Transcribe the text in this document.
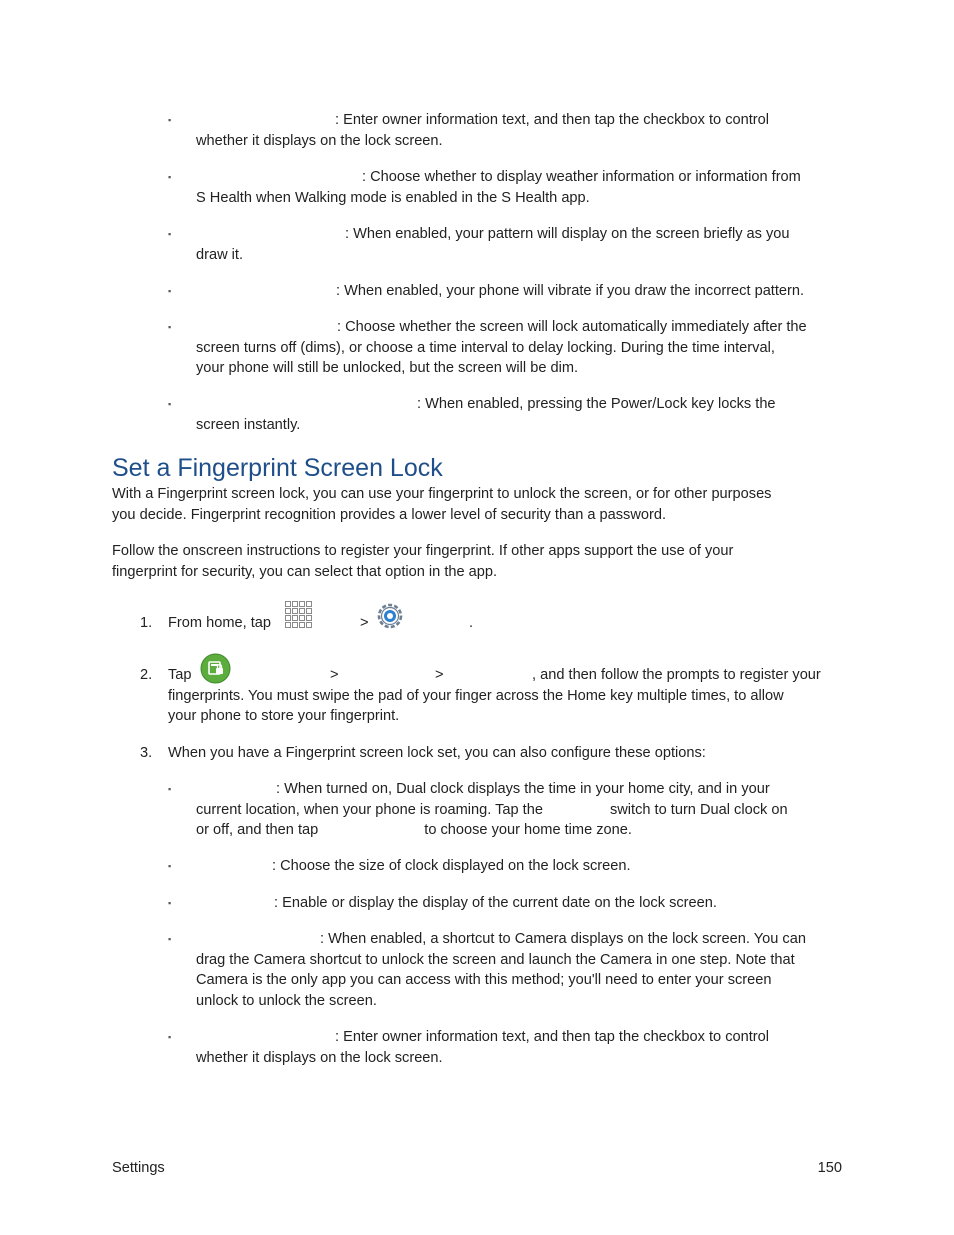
▪	: Enter owner information text, and then tap the checkbox to control
whether it displays on the lock screen.
▪	: Choose whether to display weather information or information from
S Health when Walking mode is enabled in the S Health app.
▪	: When enabled, your pattern will display on the screen briefly as you
draw it.
▪	: When enabled, your phone will vibrate if you draw the incorrect pattern.
▪	: Choose whether the screen will lock automatically immediately after the
screen turns off (dims), or choose a time interval to delay locking. During the time interval,
your phone will still be unlocked, but the screen will be dim.
▪	: When enabled, pressing the Power/Lock key locks the
screen instantly.
Set a Fingerprint Screen Lock
With a Fingerprint screen lock, you can use your fingerprint to unlock the screen, or for other purposes
you decide. Fingerprint recognition provides a lower level of security than a password.
Follow the onscreen instructions to register your fingerprint. If other apps support the use of your
fingerprint for security, you can select that option in the app.
1. From home, tap	>	.
2. Tap
fingerprints. You must swipe the pad of your finger across the Home key multiple times, to allow
your phone to store your fingerprint.
>	>	, and then follow the prompts to register your
3. When you have a Fingerprint screen lock set, you can also configure these options:
▪	: When turned on, Dual clock displays the time in your home city, and in your
current location, when your phone is roaming. Tap the	switch to turn Dual clock on
or off, and then tap	to choose your home time zone.
▪	: Choose the size of clock displayed on the lock screen.
▪	: Enable or display the display of the current date on the lock screen.
▪	: When enabled, a shortcut to Camera displays on the lock screen. You can
drag the Camera shortcut to unlock the screen and launch the Camera in one step. Note that
Camera is the only app you can access with this method; you'll need to enter your screen
unlock to unlock the screen.
▪	: Enter owner information text, and then tap the checkbox to control
whether it displays on the lock screen.
Settings	150
